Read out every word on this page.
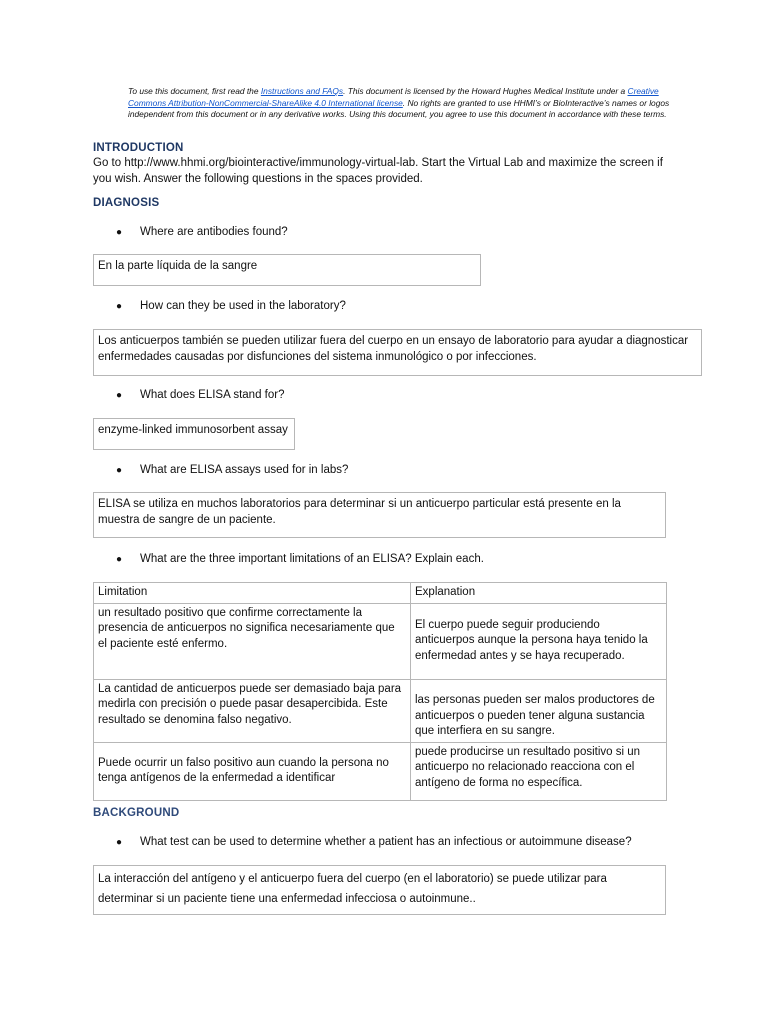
To use this document, first read the Instructions and FAQs. This document is licensed by the Howard Hughes Medical Institute under a Creative Commons Attribution-NonCommercial-ShareAlike 4.0 International license. No rights are granted to use HHMI’s or BioInteractive’s names or logos independent from this document or in any derivative works. Using this document, you agree to use this document in accordance with these terms.
INTRODUCTION
Go to http://www.hhmi.org/biointeractive/immunology-virtual-lab. Start the Virtual Lab and maximize the screen if you wish. Answer the following questions in the spaces provided.
DIAGNOSIS
●	Where are antibodies found?
En la parte líquida de la sangre
●	How can they be used in the laboratory?
Los anticuerpos también se pueden utilizar fuera del cuerpo en un ensayo de laboratorio para ayudar a diagnosticar enfermedades causadas por disfunciones del sistema inmunológico o por infecciones.
●	What does ELISA stand for?
enzyme-linked immunosorbent assay
●	What are ELISA assays used for in labs?
ELISA se utiliza en muchos laboratorios para determinar si un anticuerpo particular está presente en la muestra de sangre de un paciente.
●	What are the three important limitations of an ELISA? Explain each.
Limitation	Explanation
un resultado positivo que confirme correctamente la presencia de anticuerpos no significa necesariamente que el paciente esté enfermo.	El cuerpo puede seguir produciendo anticuerpos aunque la persona haya tenido la enfermedad antes y se haya recuperado.
La cantidad de anticuerpos puede ser demasiado baja para medirla con precisión o puede pasar desapercibida. Este resultado se denomina falso negativo.	las personas pueden ser malos productores de anticuerpos o pueden tener alguna sustancia que interfiera en su sangre.
Puede ocurrir un falso positivo aun cuando la persona no tenga antígenos de la enfermedad a identificar	puede producirse un resultado positivo si un anticuerpo no relacionado reacciona con el antígeno de forma no específica.
BACKGROUND
●	What test can be used to determine whether a patient has an infectious or autoimmune disease?
La interacción del antígeno y el anticuerpo fuera del cuerpo (en el laboratorio) se puede utilizar para determinar si un paciente tiene una enfermedad infecciosa o autoinmune..
